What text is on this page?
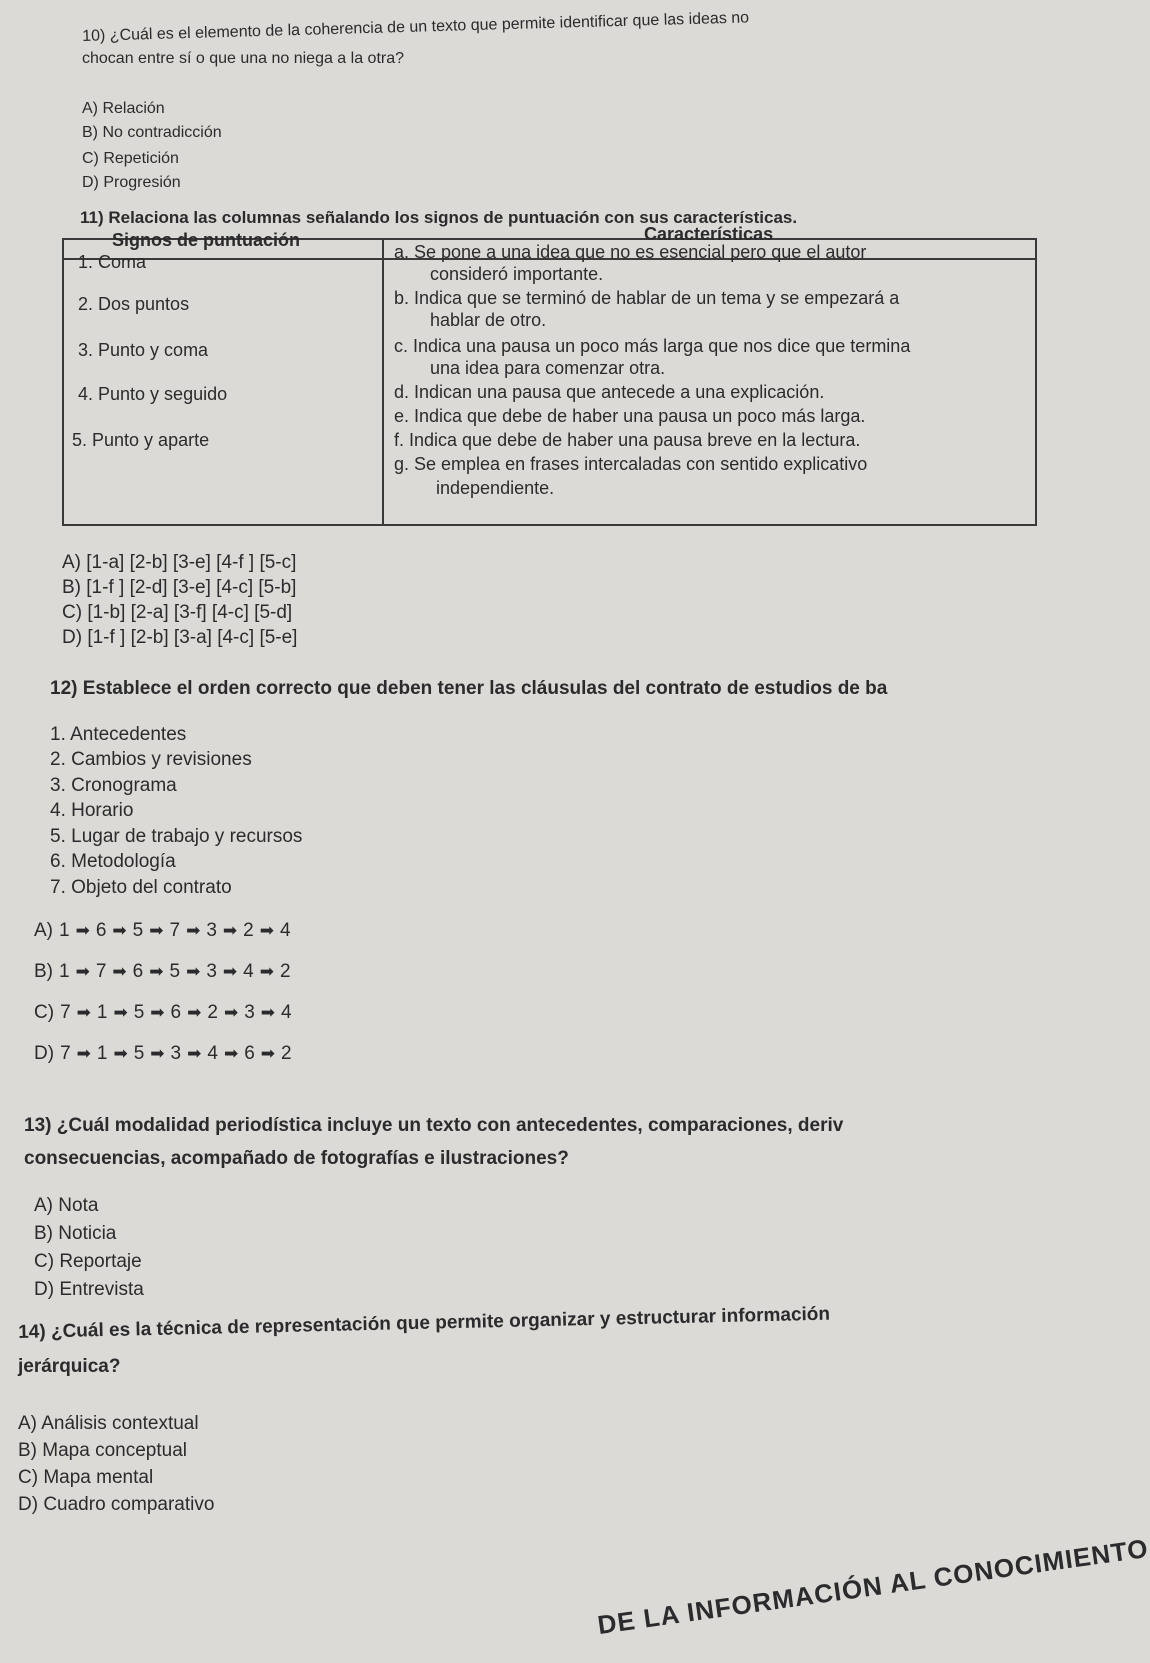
10) ¿Cuál es el elemento de la coherencia de un texto que permite identificar que las ideas no
chocan entre sí o que una no niega a la otra?
A) Relación
B) No contradicción
C) Repetición
D) Progresión
11) Relaciona las columnas señalando los signos de puntuación con sus características.
Signos de puntuación	Características
1. Coma
2. Dos puntos
3. Punto y coma
4. Punto y seguido
5. Punto y aparte
a. Se pone a una idea que no es esencial pero que el autor
consideró importante.
b. Indica que se terminó de hablar de un tema y se empezará a
hablar de otro.
c. Indica una pausa un poco más larga que nos dice que termina
una idea para comenzar otra.
d. Indican una pausa que antecede a una explicación.
e. Indica que debe de haber una pausa un poco más larga.
f. Indica que debe de haber una pausa breve en la lectura.
g. Se emplea en frases intercaladas con sentido explicativo
independiente.
A) [1-a] [2-b] [3-e] [4-f ] [5-c]
B) [1-f ] [2-d] [3-e] [4-c] [5-b]
C) [1-b] [2-a] [3-f] [4-c] [5-d]
D) [1-f ] [2-b] [3-a] [4-c] [5-e]
12) Establece el orden correcto que deben tener las cláusulas del contrato de estudios de ba
1. Antecedentes
2. Cambios y revisiones
3. Cronograma
4. Horario
5. Lugar de trabajo y recursos
6. Metodología
7. Objeto del contrato
A) 1 ➡ 6 ➡ 5 ➡ 7 ➡ 3 ➡ 2 ➡ 4
B) 1 ➡ 7 ➡ 6 ➡ 5 ➡ 3 ➡ 4 ➡ 2
C) 7 ➡ 1 ➡ 5 ➡ 6 ➡ 2 ➡ 3 ➡ 4
D) 7 ➡ 1 ➡ 5 ➡ 3 ➡ 4 ➡ 6 ➡ 2
13) ¿Cuál modalidad periodística incluye un texto con antecedentes, comparaciones, deriv
consecuencias, acompañado de fotografías e ilustraciones?
A) Nota
B) Noticia
C) Reportaje
D) Entrevista
14) ¿Cuál es la técnica de representación que permite organizar y estructurar información
jerárquica?
A) Análisis contextual
B) Mapa conceptual
C) Mapa mental
D) Cuadro comparativo
DE LA INFORMACIÓN AL CONOCIMIENTO
